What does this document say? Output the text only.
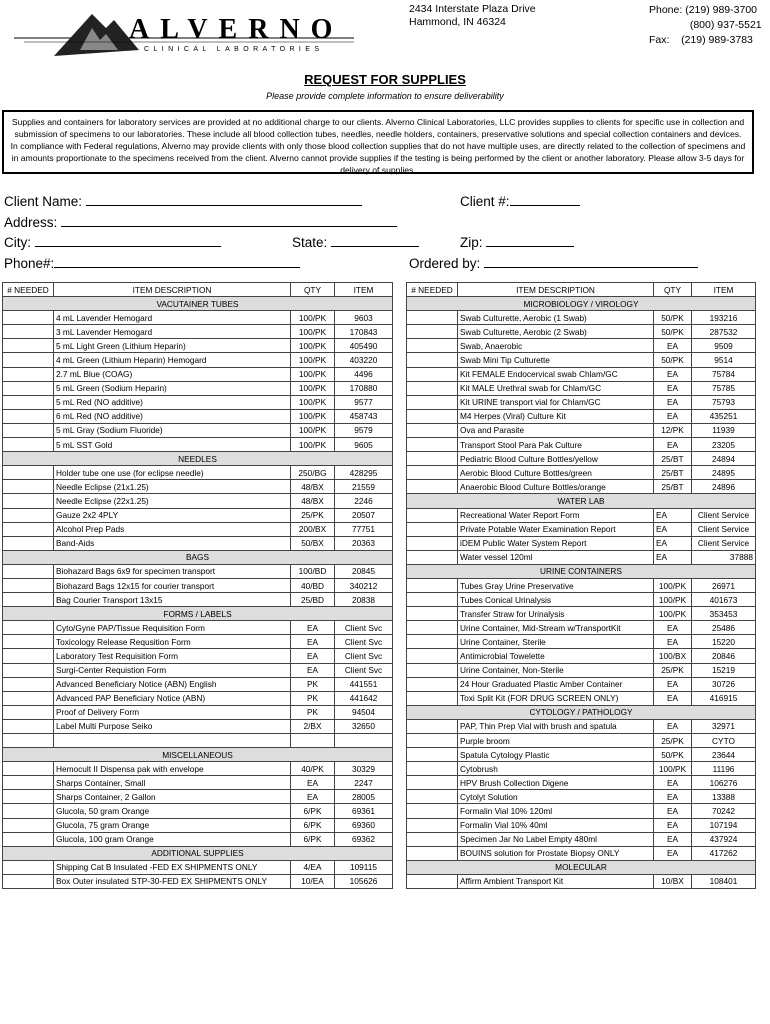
ALVERNO
CLINICAL LABORATORIES
2434 Interstate Plaza Drive
Hammond, IN 46324
Phone: (219) 989-3700
(800) 937-5521
Fax:    (219) 989-3783
REQUEST FOR SUPPLIES
Please provide complete information to ensure deliverability
Supplies and containers for laboratory services are provided at no additional charge to our clients. Alverno Clinical Laboratories, LLC provides supplies to clients for specific use in collection and submission of specimens to our laboratories. These include all blood collection tubes, needles, needle holders, containers, preservative solutions and special collection containers and devices. In compliance with Federal regulations, Alverno may provide clients with only those blood collection supplies that do not have multiple uses, are directly related to the collection of specimens and in amounts proportionate to the specimens received from the client. Alverno cannot provide supplies if the testing is being performed by the client or another laboratory. Please allow 3-5 days for delivery of supplies.
Client Name:	Client #:
Address:
City:	State:	Zip:
Phone#:	Ordered by:
# NEEDED	ITEM DESCRIPTION	QTY	ITEM
VACUTAINER TUBES			
	4 mL Lavender Hemogard	100/PK	9603
	3 mL Lavender Hemogard	100/PK	170843
	5 mL Light Green (Lithium Heparin)	100/PK	405490
	4 mL Green (Lithium Heparin) Hemogard	100/PK	403220
	2.7 mL Blue (COAG)	100/PK	4496
	5 mL Green (Sodium Heparin)	100/PK	170880
	5 mL Red (NO additive)	100/PK	9577
	6 mL Red (NO additive)	100/PK	458743
	5 mL Gray (Sodium Fluoride)	100/PK	9579
	5 mL SST Gold	100/PK	9605
NEEDLES			
	Holder tube one use (for eclipse needle)	250/BG	428295
	Needle Eclipse (21x1.25)	48/BX	21559
	Needle Eclipse (22x1.25)	48/BX	2246
	Gauze 2x2 4PLY	25/PK	20507
	Alcohol Prep Pads	200/BX	77751
	Band-Aids	50/BX	20363
BAGS			
	Biohazard Bags 6x9 for specimen transport	100/BD	20845
	Biohazard Bags 12x15 for courier transport	40/BD	340212
	Bag Courier Transport 13x15	25/BD	20838
FORMS / LABELS			
	Cyto/Gyne PAP/Tissue Requisition Form	EA	Client Svc
	Toxicology Release Requsition Form	EA	Client Svc
	Laboratory Test Requisition Form	EA	Client Svc
	Surgi-Center Requistion Form	EA	Client Svc
	Advanced Beneficiary Notice (ABN) English	PK	441551
	Advanced PAP Beneficiary Notice (ABN)	PK	441642
	Proof of Delivery Form	PK	94504
	Label Multi Purpose Seiko	2/BX	32650

MISCELLANEOUS			
	Hemocult II Dispensa pak with envelope	40/PK	30329
	Sharps Container, Small	EA	2247
	Sharps Container, 2 Gallon	EA	28005
	Glucola, 50 gram Orange	6/PK	69361
	Glucola, 75 gram Orange	6/PK	69360
	Glucola, 100 gram Orange	6/PK	69362
ADDITIONAL SUPPLIES			
	Shipping Cat B Insulated -FED EX SHIPMENTS ONLY	4/EA	109115
	Box Outer insulated STP-30-FED EX SHIPMENTS ONLY	10/EA	105626
# NEEDED	ITEM DESCRIPTION	QTY	ITEM
MICROBIOLOGY / VIROLOGY			
	Swab Culturette, Aerobic (1 Swab)	50/PK	193216
	Swab Culturette, Aerobic (2 Swab)	50/PK	287532
	Swab, Anaerobic	EA	9509
	Swab Mini Tip Culturette	50/PK	9514
	Kit FEMALE Endocervical swab Chlam/GC	EA	75784
	Kit MALE Urethral swab for Chlam/GC	EA	75785
	Kit URINE transport vial for Chlam/GC	EA	75793
	M4 Herpes (Viral) Culture Kit	EA	435251
	Ova and Parasite	12/PK	11939
	Transport Stool Para Pak Culture	EA	23205
	Pediatric Blood Culture Bottles/yellow	25/BT	24894
	Aerobic Blood Culture Bottles/green	25/BT	24895
	Anaerobic Blood Culture Bottles/orange	25/BT	24896
WATER LAB			
	Recreational Water Report Form	EA	Client Service
	Private Potable Water Examination Report	EA	Client Service
	iDEM Public Water System Report	EA	Client Service
	Water vessel 120ml	EA	37888
URINE CONTAINERS			
	Tubes Gray Urine Preservative	100/PK	26971
	Tubes Conical Urinalysis	100/PK	401673
	Transfer Straw for Urinalysis	100/PK	353453
	Urine Container, Mid-Stream w/TransportKit	EA	25486
	Urine Container, Sterile	EA	15220
	Antimicrobial Towelette	100/BX	20846
	Urine Container, Non-Sterile	25/PK	15219
	24 Hour Graduated Plastic Amber Container	EA	30726
	Toxi Split Kit (FOR DRUG SCREEN ONLY)	EA	416915
CYTOLOGY / PATHOLOGY			
	PAP, Thin Prep Vial with brush and spatula	EA	32971
	Purple broom	25/PK	CYTO
	Spatula Cytology Plastic	50/PK	23644
	Cytobrush	100/PK	11196
	HPV Brush Collection Digene	EA	106276
	Cytolyt Solution	EA	13388
	Formalin Vial 10% 120ml	EA	70242
	Formalin Vial 10% 40ml	EA	107194
	Specimen Jar No Label Empty 480ml	EA	437924
	BOUINS solution for Prostate Biopsy ONLY	EA	417262
MOLECULAR			
	Affirm Ambient Transport Kit	10/BX	108401
